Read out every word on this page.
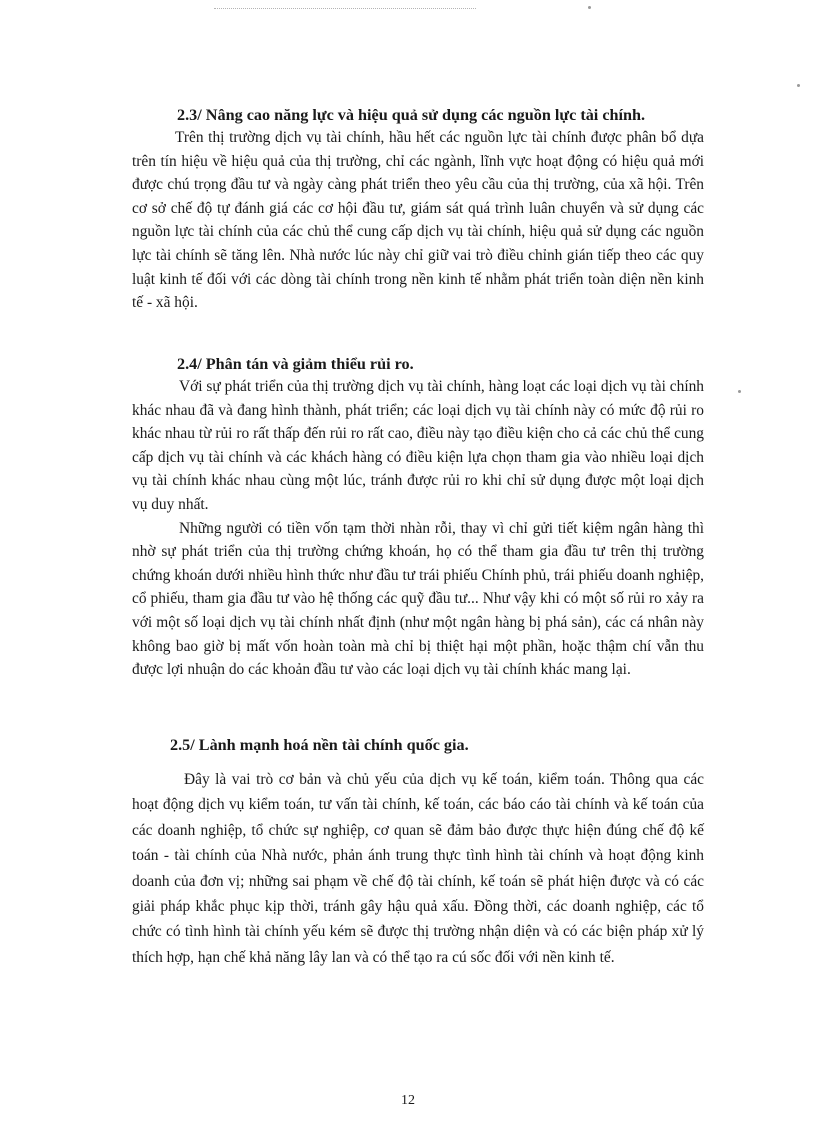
2.3/ Nâng cao năng lực và hiệu quả sử dụng các nguồn lực tài chính.

Trên thị trường dịch vụ tài chính, hầu hết các nguồn lực tài chính được phân bổ dựa trên tín hiệu về hiệu quả của thị trường, chỉ các ngành, lĩnh vực hoạt động có hiệu quả mới được chú trọng đầu tư và ngày càng phát triển theo yêu cầu của thị trường, của xã hội. Trên cơ sở chế độ tự đánh giá các cơ hội đầu tư, giám sát quá trình luân chuyển và sử dụng các nguồn lực tài chính của các chủ thể cung cấp dịch vụ tài chính, hiệu quả sử dụng các nguồn lực tài chính sẽ tăng lên. Nhà nước lúc này chỉ giữ vai trò điều chỉnh gián tiếp theo các quy luật kinh tế đối với các dòng tài chính trong nền kinh tế nhằm phát triển toàn diện nền kinh tế - xã hội.

2.4/ Phân tán và giảm thiểu rủi ro.

Với sự phát triển của thị trường dịch vụ tài chính, hàng loạt các loại dịch vụ tài chính khác nhau đã và đang hình thành, phát triển; các loại dịch vụ tài chính này có mức độ rủi ro khác nhau từ rủi ro rất thấp đến rủi ro rất cao, điều này tạo điều kiện cho cả các chủ thể cung cấp dịch vụ tài chính và các khách hàng có điều kiện lựa chọn tham gia vào nhiều loại dịch vụ tài chính khác nhau cùng một lúc, tránh được rủi ro khi chỉ sử dụng được một loại dịch vụ duy nhất.

Những người có tiền vốn tạm thời nhàn rỗi, thay vì chỉ gửi tiết kiệm ngân hàng thì nhờ sự phát triển của thị trường chứng khoán, họ có thể tham gia đầu tư trên thị trường chứng khoán dưới nhiều hình thức như đầu tư trái phiếu Chính phủ, trái phiếu doanh nghiệp, cổ phiếu, tham gia đầu tư vào hệ thống các quỹ đầu tư... Như vậy khi có một số rủi ro xảy ra với một số loại dịch vụ tài chính nhất định (như một ngân hàng bị phá sản), các cá nhân này không bao giờ bị mất vốn hoàn toàn mà chỉ bị thiệt hại một phần, hoặc thậm chí vẫn thu được lợi nhuận do các khoản đầu tư vào các loại dịch vụ tài chính khác mang lại.

2.5/ Lành mạnh hoá nền tài chính quốc gia.

Đây là vai trò cơ bản và chủ yếu của dịch vụ kế toán, kiểm toán. Thông qua các hoạt động dịch vụ kiểm toán, tư vấn tài chính, kế toán, các báo cáo tài chính và kế toán của các doanh nghiệp, tổ chức sự nghiệp, cơ quan sẽ đảm bảo được thực hiện đúng chế độ kế toán - tài chính của Nhà nước, phản ánh trung thực tình hình tài chính và hoạt động kinh doanh của đơn vị; những sai phạm về chế độ tài chính, kế toán sẽ phát hiện được và có các giải pháp khắc phục kịp thời, tránh gây hậu quả xấu. Đồng thời, các doanh nghiệp, các tổ chức có tình hình tài chính yếu kém sẽ được thị trường nhận diện và có các biện pháp xử lý thích hợp, hạn chế khả năng lây lan và có thể tạo ra cú sốc đối với nền kinh tế.

12
